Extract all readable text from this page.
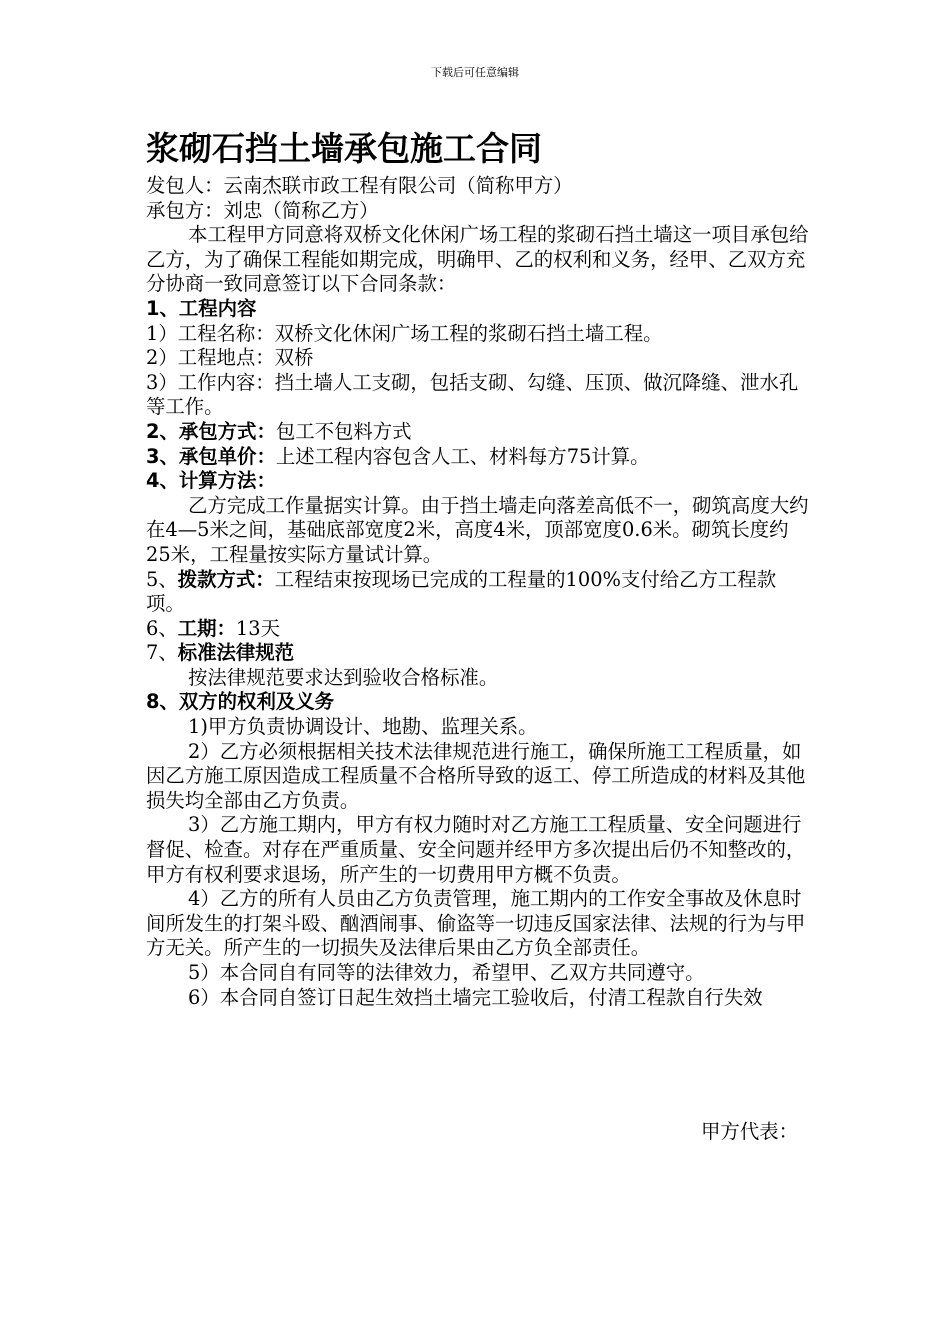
下载后可任意编辑
浆砌石挡土墙承包施工合同

发包人：云南杰联市政工程有限公司（简称甲方）

承包方：刘忠（简称乙方）

本工程甲方同意将双桥文化休闲广场工程的浆砌石挡土墙这一项目承包给乙方，为了确保工程能如期完成，明确甲、乙的权利和义务，经甲、乙双方充分协商一致同意签订以下合同条款：

1、工程内容

1）工程名称：双桥文化休闲广场工程的浆砌石挡土墙工程。

2）工程地点：双桥

3）工作内容：挡土墙人工支砌，包括支砌、勾缝、压顶、做沉降缝、泄水孔等工作。

2、承包方式：包工不包料方式

3、承包单价：上述工程内容包含人工、材料每方75计算。

4、计算方法：

乙方完成工作量据实计算。由于挡土墙走向落差高低不一，砌筑高度大约在4—5米之间，基础底部宽度2米，高度4米，顶部宽度0.6米。砌筑长度约25米，工程量按实际方量试计算。

5、拨款方式：工程结束按现场已完成的工程量的100%支付给乙方工程款项。

6、工期：13天

7、标准法律规范

按法律规范要求达到验收合格标准。

8、双方的权利及义务

1)甲方负责协调设计、地勘、监理关系。

2）乙方必须根据相关技术法律规范进行施工，确保所施工工程质量，如因乙方施工原因造成工程质量不合格所导致的返工、停工所造成的材料及其他损失均全部由乙方负责。

3）乙方施工期内，甲方有权力随时对乙方施工工程质量、安全问题进行督促、检查。对存在严重质量、安全问题并经甲方多次提出后仍不知整改的，甲方有权利要求退场，所产生的一切费用甲方概不负责。

4）乙方的所有人员由乙方负责管理，施工期内的工作安全事故及休息时间所发生的打架斗殴、酗酒闹事、偷盗等一切违反国家法律、法规的行为与甲方无关。所产生的一切损失及法律后果由乙方负全部责任。

5）本合同自有同等的法律效力，希望甲、乙双方共同遵守。

6）本合同自签订日起生效挡土墙完工验收后，付清工程款自行失效

甲方代表：
